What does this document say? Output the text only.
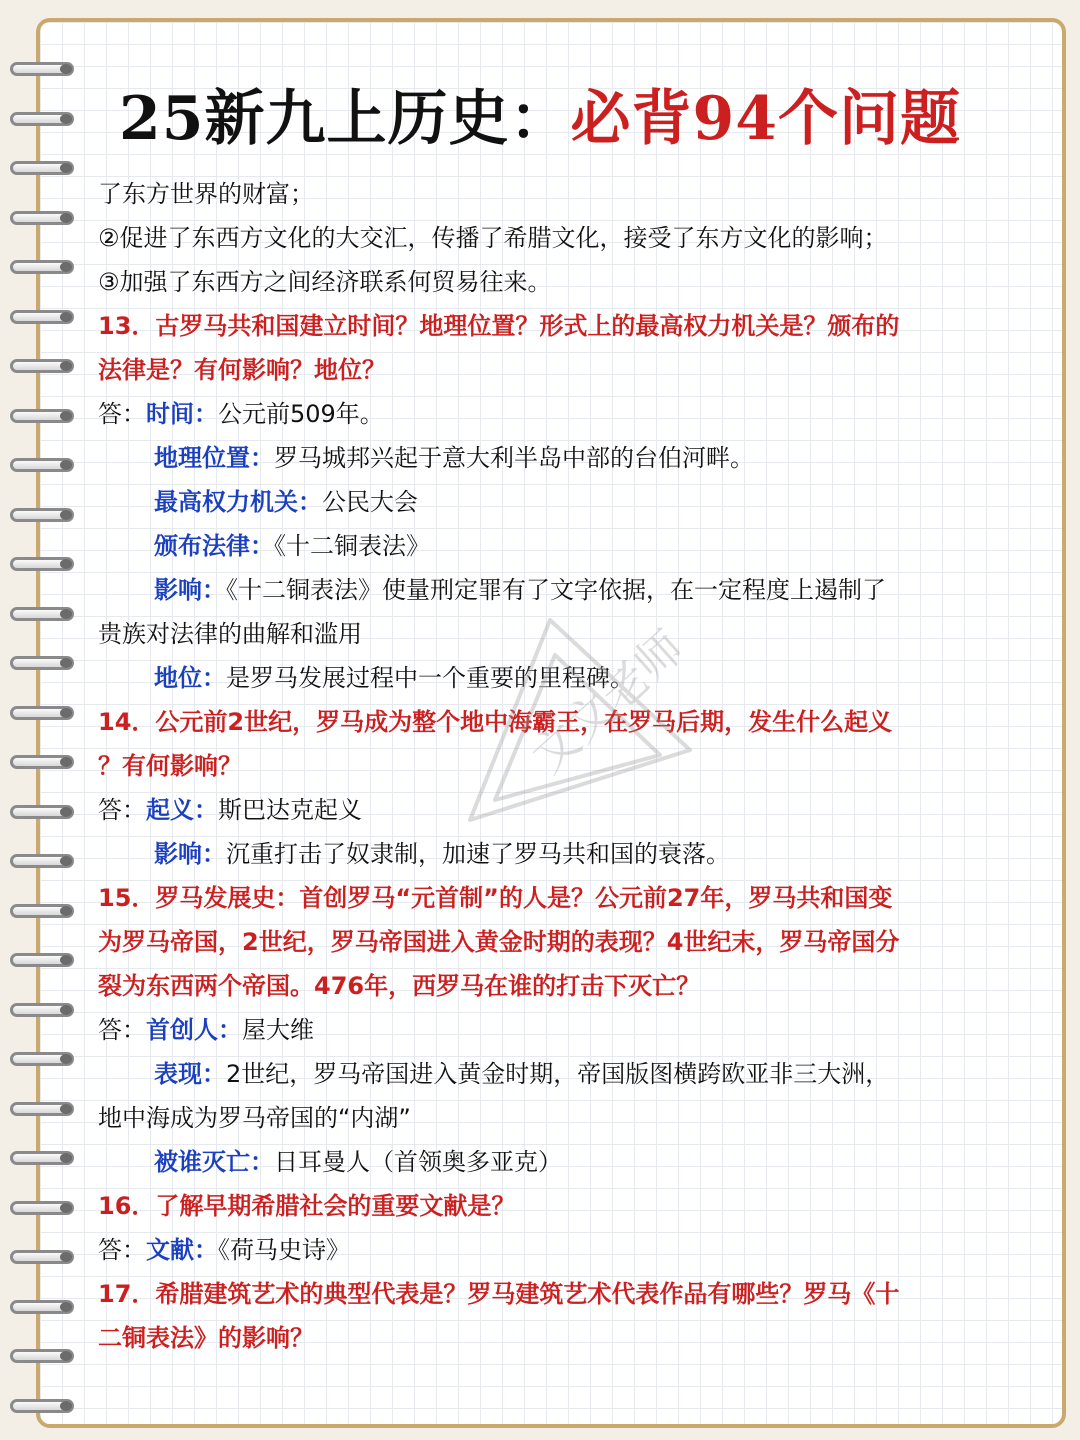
25新九上历史：必背94个问题
了东方世界的财富；
②促进了东西方文化的大交汇，传播了希腊文化，接受了东方文化的影响；
③加强了东西方之间经济联系何贸易往来。
13．古罗马共和国建立时间？地理位置？形式上的最高权力机关是？颁布的
法律是？有何影响？地位？
答：时间：公元前509年。
地理位置：罗马城邦兴起于意大利半岛中部的台伯河畔。
最高权力机关：公民大会
颁布法律：《十二铜表法》
影响：《十二铜表法》使量刑定罪有了文字依据，在一定程度上遏制了
贵族对法律的曲解和滥用
地位：是罗马发展过程中一个重要的里程碑。
14．公元前2世纪，罗马成为整个地中海霸王，在罗马后期，发生什么起义
？有何影响？
答：起义：斯巴达克起义
影响：沉重打击了奴隶制，加速了罗马共和国的衰落。
15．罗马发展史：首创罗马“元首制”的人是？公元前27年，罗马共和国变
为罗马帝国，2世纪，罗马帝国进入黄金时期的表现？4世纪末，罗马帝国分
裂为东西两个帝国。476年，西罗马在谁的打击下灭亡？
答：首创人：屋大维
表现：2世纪，罗马帝国进入黄金时期，帝国版图横跨欧亚非三大洲，
地中海成为罗马帝国的“内湖”
被谁灭亡：日耳曼人（首领奥多亚克）
16．了解早期希腊社会的重要文献是？
答：文献：《荷马史诗》
17．希腊建筑艺术的典型代表是？罗马建筑艺术代表作品有哪些？罗马《十
二铜表法》的影响？
文文老师
